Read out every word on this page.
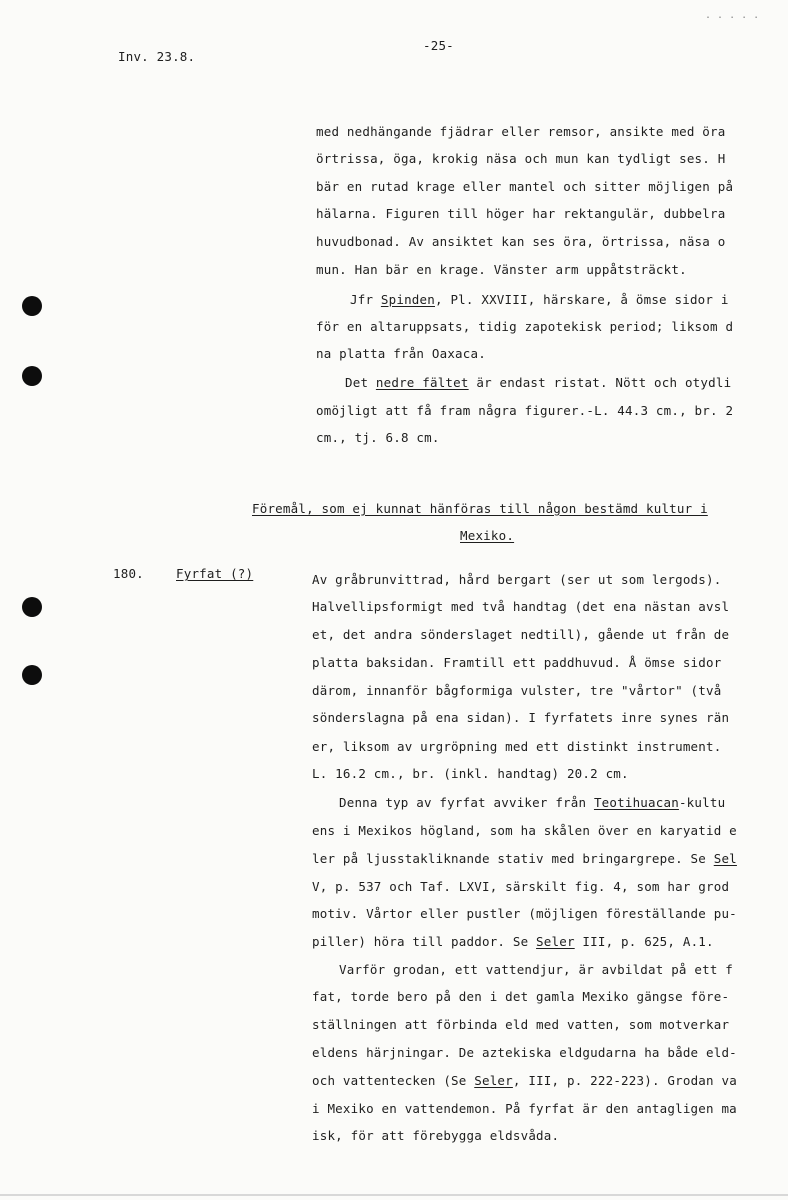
. . . . .
Inv. 23.8.
-25-
med nedhängande fjädrar eller remsor, ansikte med öra
örtrissa, öga, krokig näsa och mun kan tydligt ses. H
bär en rutad krage eller mantel och sitter möjligen på
hälarna. Figuren till höger har rektangulär, dubbelra
huvudbonad. Av ansiktet kan ses öra, örtrissa, näsa o
mun. Han bär en krage. Vänster arm uppåtsträckt.
Jfr Spinden, Pl. XXVIII, härskare, å ömse sidor i
för en altaruppsats, tidig zapotekisk period; liksom d
na platta från Oaxaca.
Det nedre fältet är endast ristat. Nött och otydli
omöjligt att få fram några figurer.-L. 44.3 cm., br. 2
cm., tj. 6.8 cm.
Föremål, som ej kunnat hänföras till någon bestämd kultur i
Mexiko.
180.	Fyrfat (?)	Av gråbrunvittrad, hård bergart (ser ut som lergods).
Halvellipsformigt med två handtag (det ena nästan avsl
et, det andra sönderslaget nedtill), gående ut från de
platta baksidan. Framtill ett paddhuvud. Å ömse sidor
därom, innanför bågformiga vulster, tre "vårtor" (två
sönderslagna på ena sidan). I fyrfatets inre synes rän
er, liksom av urgröpning med ett distinkt instrument.
L. 16.2 cm., br. (inkl. handtag) 20.2 cm.
Denna typ av fyrfat avviker från Teotihuacan-kultu
ens i Mexikos högland, som ha skålen över en karyatid e
ler på ljusstakliknande stativ med bringargrepe. Se Sel
V, p. 537 och Taf. LXVI, särskilt fig. 4, som har grod
motiv. Vårtor eller pustler (möjligen föreställande pu-
piller) höra till paddor. Se Seler III, p. 625, A.1.
Varför grodan, ett vattendjur, är avbildat på ett f
fat, torde bero på den i det gamla Mexiko gängse före-
ställningen att förbinda eld med vatten, som motverkar
eldens härjningar. De aztekiska eldgudarna ha både eld-
och vattentecken (Se Seler, III, p. 222-223). Grodan va
i Mexiko en vattendemon. På fyrfat är den antagligen ma
isk, för att förebygga eldsvåda.
